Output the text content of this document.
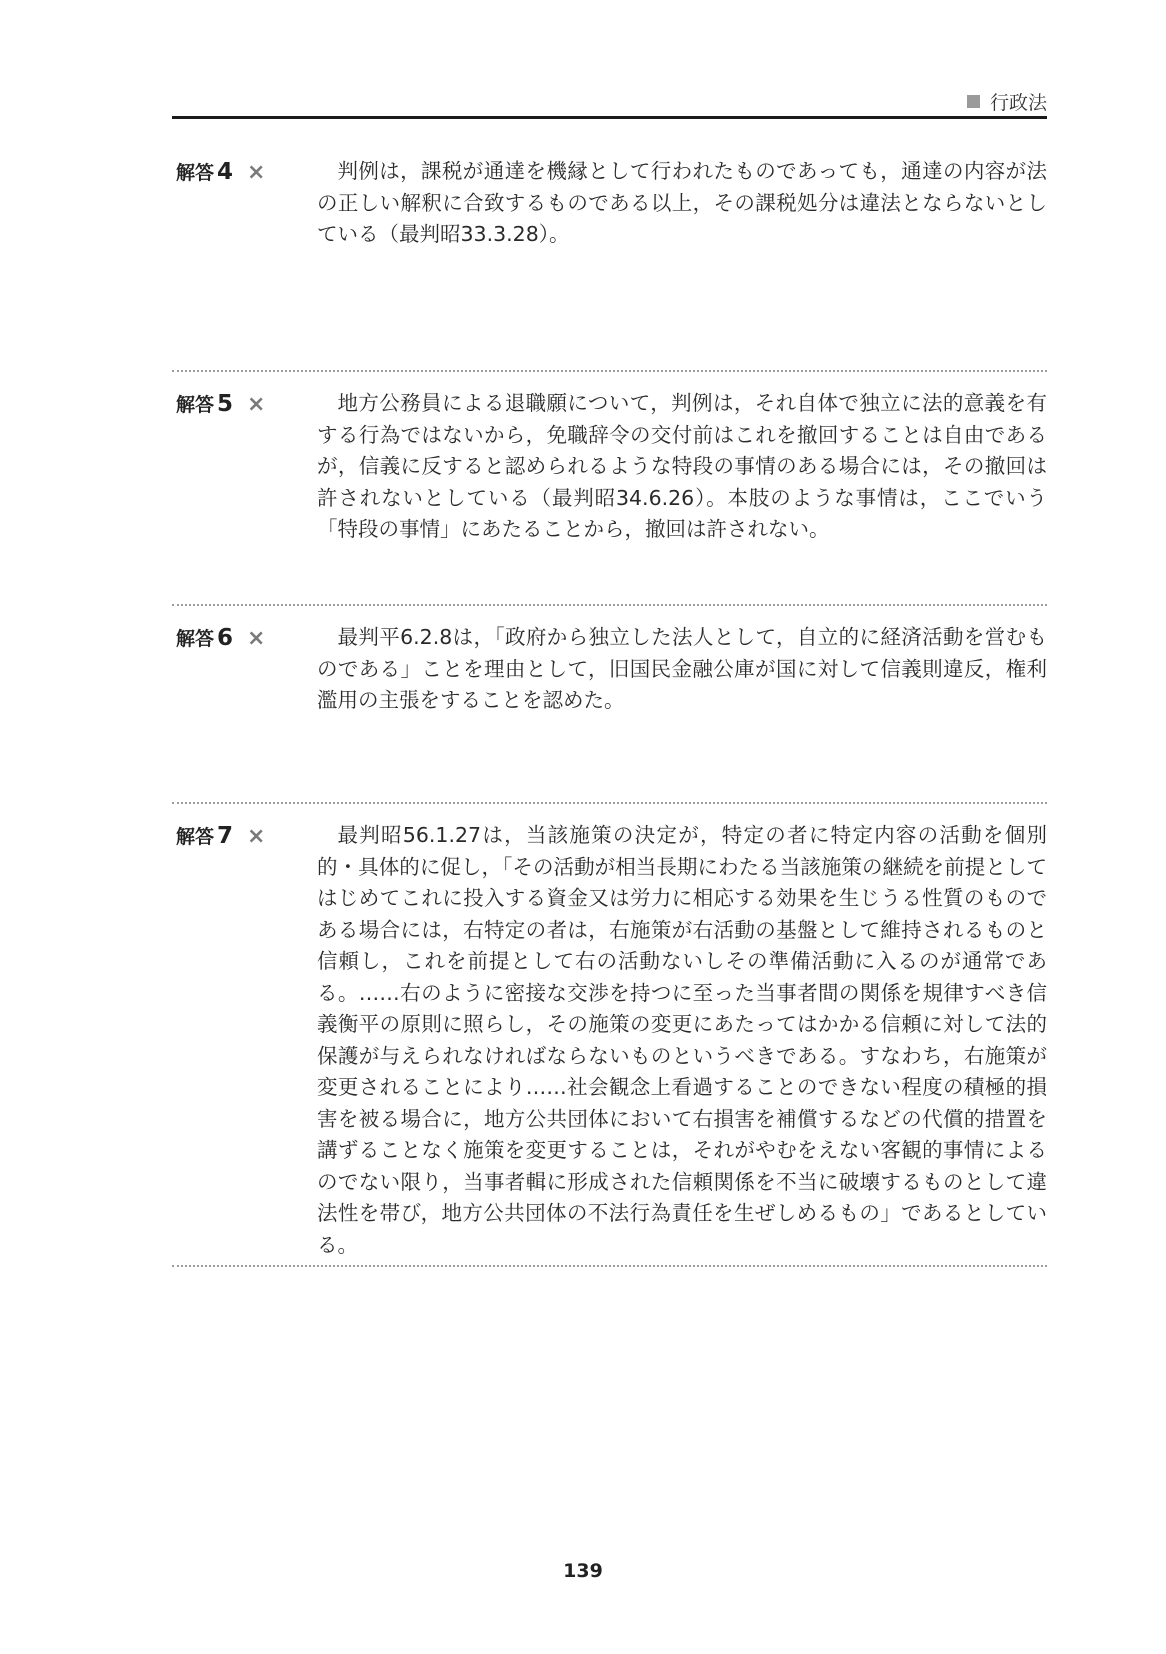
行政法
解答 4 ×	判例は，課税が通達を機縁として行われたものであっても，通達の内容が法の正しい解釈に合致するものである以上，その課税処分は違法とならないとしている（最判昭33.3.28）。

解答 5 ×	地方公務員による退職願について，判例は，それ自体で独立に法的意義を有する行為ではないから，免職辞令の交付前はこれを撤回することは自由であるが，信義に反すると認められるような特段の事情のある場合には，その撤回は許されないとしている（最判昭34.6.26）。本肢のような事情は，ここでいう「特段の事情」にあたることから，撤回は許されない。

解答 6 ×	最判平6.2.8は，「政府から独立した法人として，自立的に経済活動を営むものである」ことを理由として，旧国民金融公庫が国に対して信義則違反，権利濫用の主張をすることを認めた。

解答 7 ×	最判昭56.1.27は，当該施策の決定が，特定の者に特定内容の活動を個別的・具体的に促し，「その活動が相当長期にわたる当該施策の継続を前提としてはじめてこれに投入する資金又は労力に相応する効果を生じうる性質のものである場合には，右特定の者は，右施策が右活動の基盤として維持されるものと信頼し，これを前提として右の活動ないしその準備活動に入るのが通常である。……右のように密接な交渉を持つに至った当事者間の関係を規律すべき信義衡平の原則に照らし，その施策の変更にあたってはかかる信頼に対して法的保護が与えられなければならないものというべきである。すなわち，右施策が変更されることにより……社会観念上看過することのできない程度の積極的損害を被る場合に，地方公共団体において右損害を補償するなどの代償的措置を講ずることなく施策を変更することは，それがやむをえない客観的事情によるのでない限り，当事者輯に形成された信頼関係を不当に破壊するものとして違法性を帯び，地方公共団体の不法行為責任を生ぜしめるもの」であるとしている。

139
